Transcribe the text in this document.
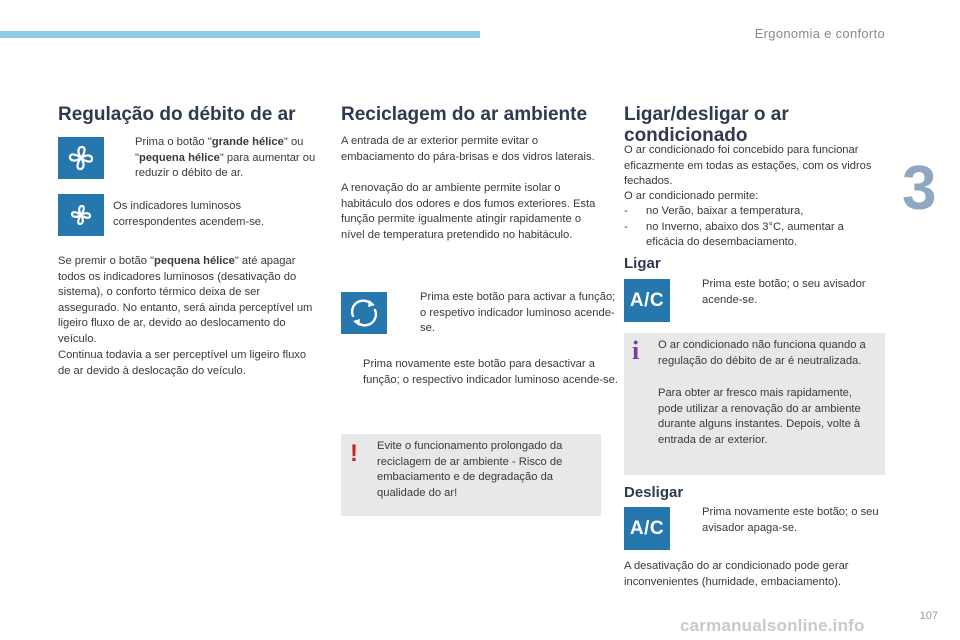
Ergonomia e conforto
3
Regulação do débito de ar
Prima o botão "grande hélice" ou "pequena hélice" para aumentar ou reduzir o débito de ar.
Os indicadores luminosos correspondentes acendem-se.
Se premir o botão "pequena hélice" até apagar todos os indicadores luminosos (desativação do sistema), o conforto térmico deixa de ser assegurado. No entanto, será ainda perceptível um ligeiro fluxo de ar, devido ao deslocamento do veículo.
Continua todavia a ser perceptível um ligeiro fluxo de ar devido à deslocação do veículo.
Reciclagem do ar ambiente
A entrada de ar exterior permite evitar o embaciamento do pára-brisas e dos vidros laterais.
A renovação do ar ambiente permite isolar o habitáculo dos odores e dos fumos exteriores. Esta função permite igualmente atingir rapidamente o nível de temperatura pretendido no habitáculo.
Prima este botão para activar a função; o respetivo indicador luminoso acende-se.
Prima novamente este botão para desactivar a função; o respectivo indicador luminoso acende-se.
! Evite o funcionamento prolongado da reciclagem de ar ambiente - Risco de embaciamento e de degradação da qualidade do ar!
Ligar/desligar o ar
condicionado
O ar condicionado foi concebido para funcionar eficazmente em todas as estações, com os vidros fechados.
O ar condicionado permite:
- no Verão, baixar a temperatura,
- no Inverno, abaixo dos 3°C, aumentar a eficácia do desembaciamento.
Ligar
A/C
Prima este botão; o seu avisador acende-se.
i O ar condicionado não funciona quando a regulação do débito de ar é neutralizada.
Para obter ar fresco mais rapidamente, pode utilizar a renovação do ar ambiente durante alguns instantes. Depois, volte à entrada de ar exterior.
Desligar
A/C
Prima novamente este botão; o seu avisador apaga-se.
A desativação do ar condicionado pode gerar inconvenientes (humidade, embaciamento).
107
carmanualsonline.info
